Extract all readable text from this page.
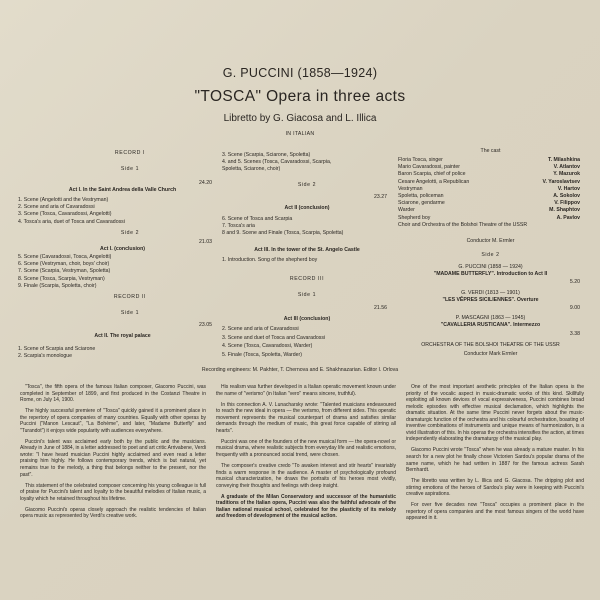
G. PUCCINI (1858—1924)
"TOSCA" Opera in three acts
Libretto by G. Giacosa and L. Illica
IN ITALIAN
RECORD I
Side 1
24.20
Act I. In the Saint Andrea della Valle Church
1. Scene (Angelotti and the Vestryman)
2. Scene and aria of Cavaradossi
3. Scene (Tosca, Cavaradossi, Angelotti)
4. Tosca's aria, duet of Tosca and Cavaradossi
Side 2
21.03
Act I. (conclusion)
5. Scene (Cavaradossi, Tosca, Angelotti)
6. Scene (Vestryman, choir, boys' choir)
7. Scene (Scarpia, Vestryman, Spoletta)
8. Scene (Tosca, Scarpia, Vestryman)
9. Finale (Scarpia, Spoletta, choir)
RECORD II
Side 1
23.05
Act II. The royal palace
1. Scene of Scarpia and Sciarone
2. Scarpia's monologue
3. Scene (Scarpia, Sciarone, Spoletta)
4. and 5. Scenes (Tosca, Cavaradossi, Scarpia,
Spoletta, Sciarone, choir)
Side 2
23.27
Act II (conclusion)
6. Scene of Tosca and Scarpia
7. Tosca's aria
8 and 9. Scene and Finale (Tosca, Scarpia, Spoletta)
Act III. In the tower of the St. Angelo Castle
1. Introduction. Song of the shepherd boy
RECORD III
Side 1
21.56
Act III (conclusion)
2. Scene and aria of Cavaradossi
3. Scene and duet of Tosca and Cavaradossi
4. Scene (Tosca, Cavaradossi, Warder)
5. Finale (Tosca, Spoletta, Warder)
The cast
Floria Tosca, singer	T. Milashkina
Mario Cavaradossi, painter	V. Atlantov
Baron Scarpia, chief of police	Y. Mazurok
Cesare Angelotti, a Republican	V. Yaroslavtsev
Vestryman	V. Hartov
Spoletta, policeman	A. Sokolov
Sciarone, gendarme	V. Filippov
Warder	M. Shaphtov
Shepherd boy	A. Pavlov
Choir and Orchestra of the Bolshoi Theatre of the USSR
Conductor M. Ermler
Side 2
G. PUCCINI (1858 — 1924)
"MADAME BUTTERFLY". Introduction to Act II
5.20
G. VERDI (1813 — 1901)
"LES VÊPRES SICILIENNES". Overture
9.00
P. MASCAGNI (1863 — 1945)
"CAVALLERIA RUSTICANA". Intermezzo
3.38
ORCHESTRA OF THE BOLSHOI THEATRE OF THE USSR
Conductor Mark Ermler
Recording engineers: M. Pakhter, T. Chernova and E. Shakhnazarian. Editor I. Orlova

"Tosca", the fifth opera of the famous Italian composer, Giacomo Puccini, was completed in September of 1899, and first produced in the Costanzi Theatre in Rome, on July 14, 1900.

The highly successful premiere of "Tosca" quickly gained it a prominent place in the repertory of opera companies of many countries. Equally with other operas by Puccini ("Manon Lescaut", "La Bohème", and later, "Madame Butterfly" and "Turandot") it enjoys wide popularity with audiences everywhere.

Puccini's talent was acclaimed early both by the public and the musicians. Already in June of 1884, in a letter addressed to poet and art critic Arrivabene, Verdi wrote: "I have heard musician Puccini highly acclaimed and even read a letter praising him highly. He follows contemporary trends, which is but natural, yet remains true to the melody, a thing that belongs neither to the present, nor the past".

This statement of the celebrated composer concerning his young colleague is full of praise for Puccini's talent and loyalty to the beautiful melodies of Italian music, a loyalty which he retained throughout his lifetime.

Giacomo Puccini's operas closely approach the realistic tendencies of Italian opera music as represented by Verdi's creative work.

His realism was further developed in a Italian operatic movement known under the name of "verismo" (in Italian "vero" means sincere, truthful).

In this connection A. V. Lunacharsky wrote: "Talented musicians endeavoured to reach the new ideal in opera — the verismo, from different sides. This operatic movement represents the musical counterpart of drama and satisfies similar demands through the medium of music, this great force capable of stirring all hearts".

Puccini was one of the founders of the new musical form — the opera-novel or musical drama, where realistic subjects from everyday life and realistic emotions, frequently with a pronounced social trend, were chosen.

The composer's creative credo "To awaken interest and stir hearts" invariably finds a warm response in the audience. A master of psychologically profound musical characterization, he draws the portraits of his heroes most vividly, conveying their thoughts and feelings with deep insight.

A graduate of the Milan Conservatory and successor of the humanistic traditions of the Italian opera, Puccini was also the faithful advocate of the Italian national musical school, celebrated for the plasticity of its melody and freedom of development of the musical action.

One of the most important aesthetic principles of the Italian opera is the priority of the vocalic aspect in music-dramatic works of this kind. Skillfully exploiting all known devices of vocal expressiveness, Puccini combines broad melodic episodes with effective musical declamation, which highlights the dramatic situation. At the same time Puccini never forgets about the music-dramaturgic function of the orchestra and his colourful orchestration, boasting of inventive combinations of instruments and unique means of harmonization, is a vivid illustration of this. In his operas the orchestra intensifies the action, at times independently elaborating the dramaturgy of the musical play.

Giacomo Puccini wrote "Tosca" when he was already a mature master. In his search for a new plot he finally chose Victorien Sardou's popular drama of the same name, which he had written in 1887 for the famous actress Sarah Bernhardt.

The libretto was written by L. Illica and G. Giacosa. The dripping plot and stirring emotions of the heroes of Sardou's play were in keeping with Puccini's creative aspirations.

For over five decades now "Tosca" occupies a prominent place in the repertory of opera companies and the most famous singers of the world have appeared in it.
